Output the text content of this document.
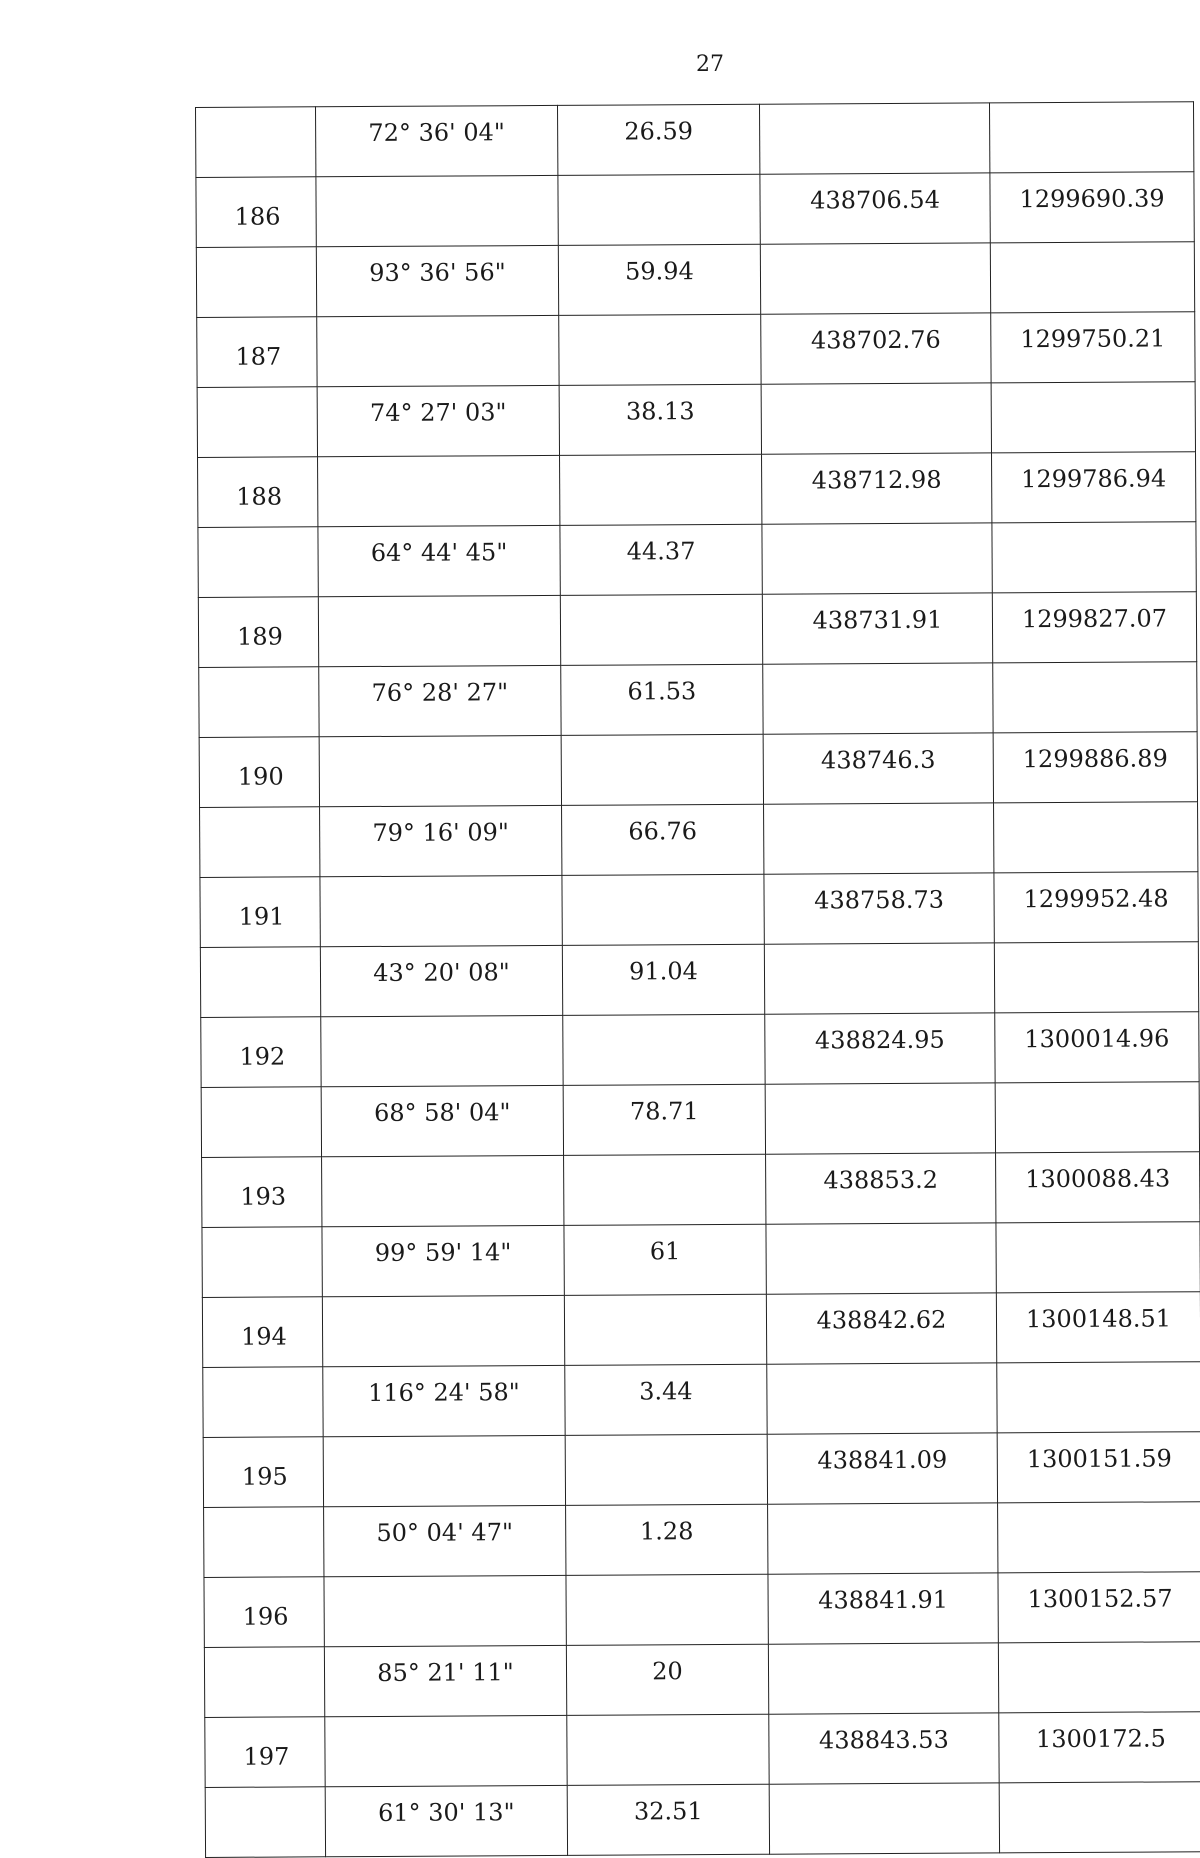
27
	72° 36' 04"	26.59		
186			438706.54	1299690.39
	93° 36' 56"	59.94		
187			438702.76	1299750.21
	74° 27' 03"	38.13		
188			438712.98	1299786.94
	64° 44' 45"	44.37		
189			438731.91	1299827.07
	76° 28' 27"	61.53		
190			438746.3	1299886.89
	79° 16' 09"	66.76		
191			438758.73	1299952.48
	43° 20' 08"	91.04		
192			438824.95	1300014.96
	68° 58' 04"	78.71		
193			438853.2	1300088.43
	99° 59' 14"	61		
194			438842.62	1300148.51
	116° 24' 58"	3.44		
195			438841.09	1300151.59
	50° 04' 47"	1.28		
196			438841.91	1300152.57
	85° 21' 11"	20		
197			438843.53	1300172.5
	61° 30' 13"	32.51		
